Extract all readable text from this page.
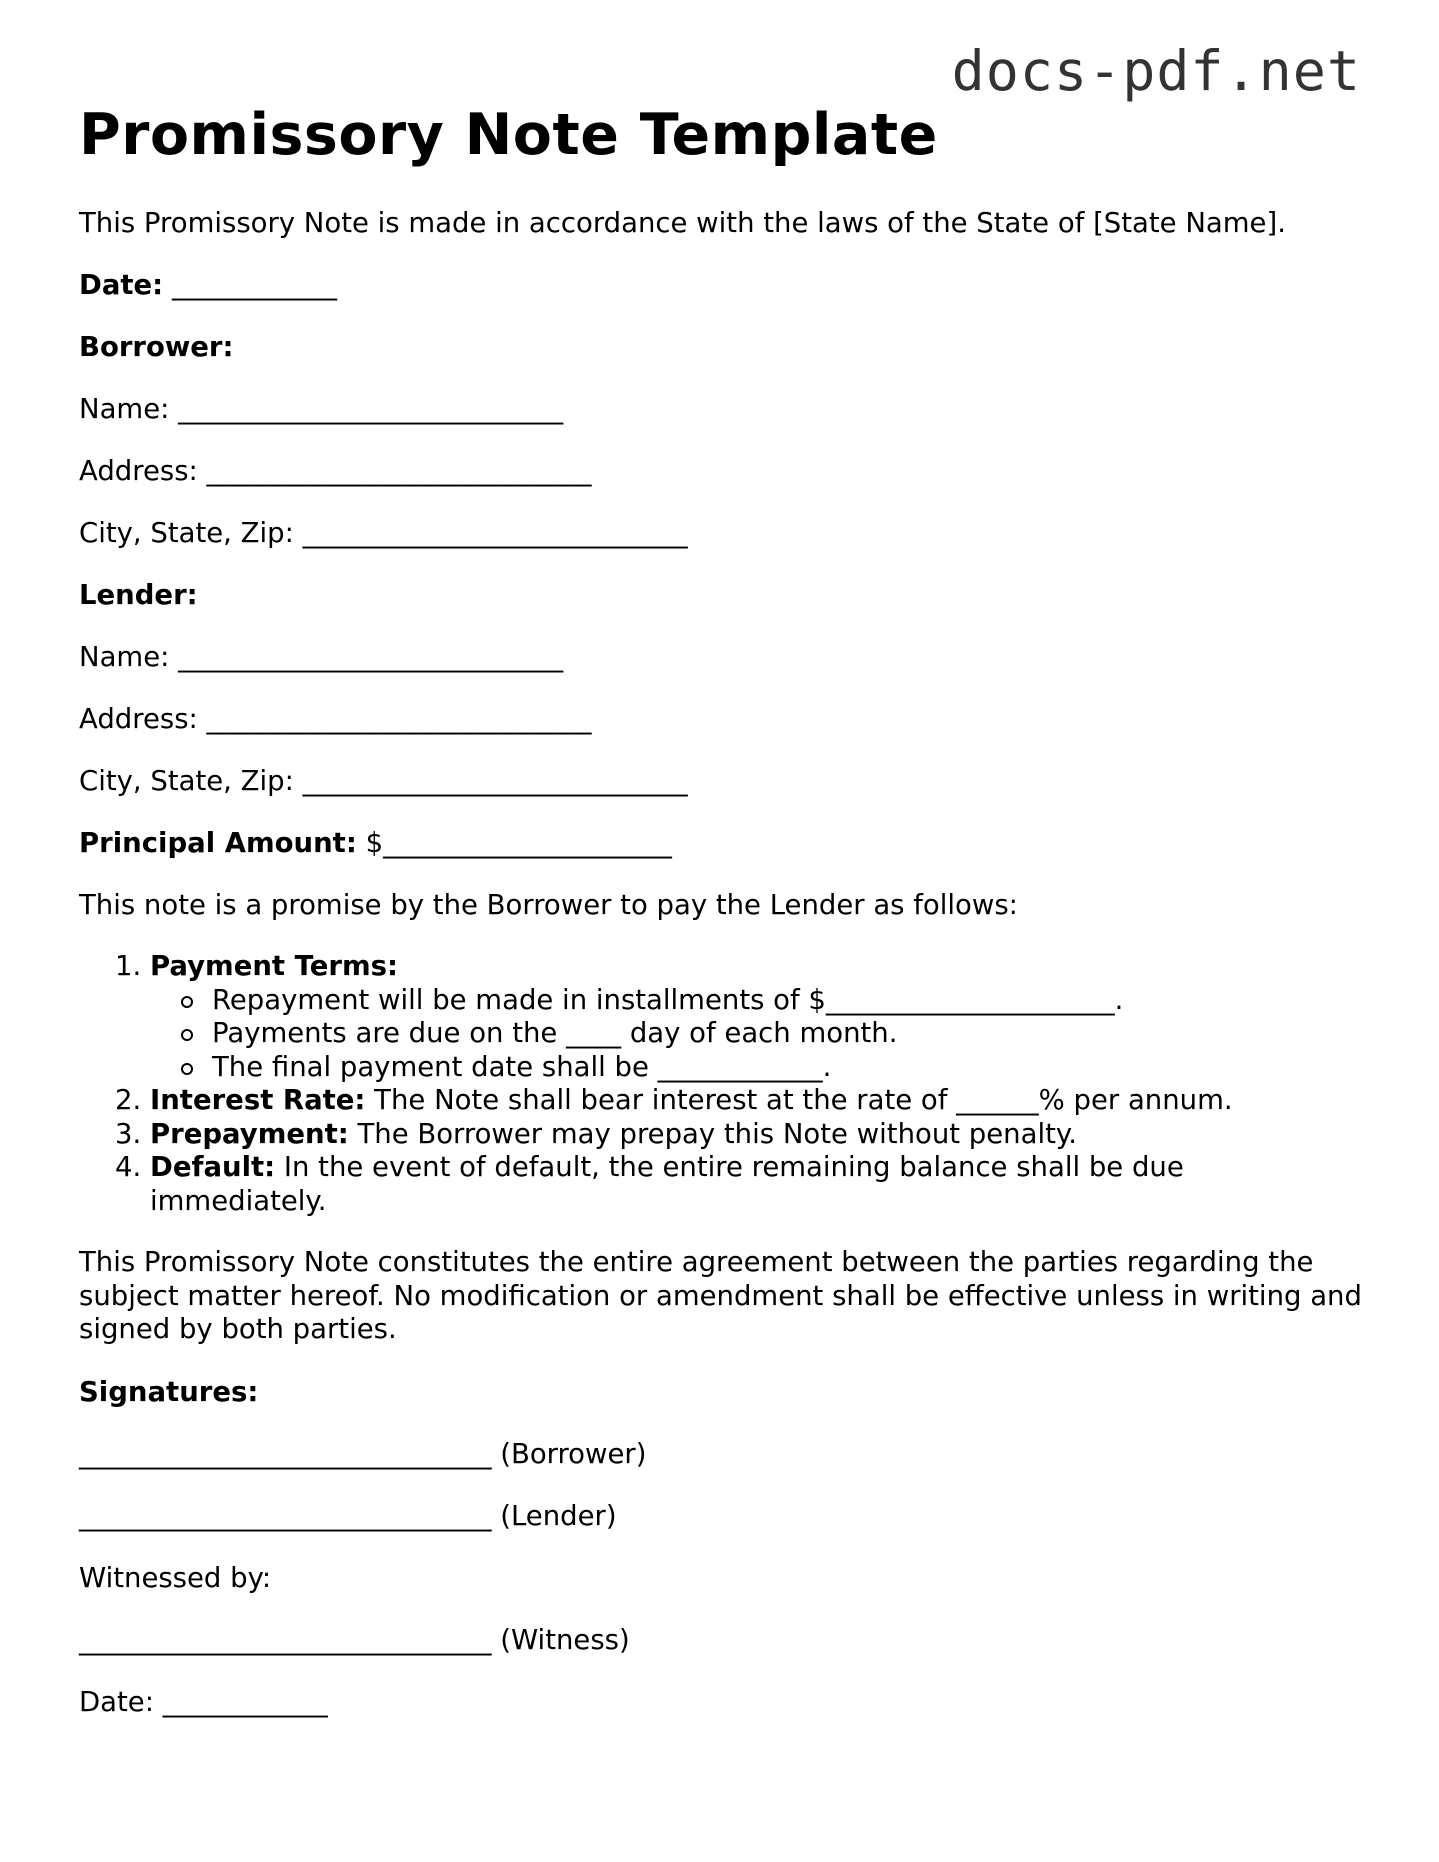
docs-pdf.net
Promissory Note Template

This Promissory Note is made in accordance with the laws of the State of [State Name].

Date: ____________

Borrower:

Name: ____________________________

Address: ____________________________

City, State, Zip: ____________________________

Lender:

Name: ____________________________

Address: ____________________________

City, State, Zip: ____________________________

Principal Amount: $_____________________

This note is a promise by the Borrower to pay the Lender as follows:

1. Payment Terms:
Repayment will be made in installments of $_____________________.
Payments are due on the ____ day of each month.
The final payment date shall be ____________.
2. Interest Rate: The Note shall bear interest at the rate of ______% per annum.
3. Prepayment: The Borrower may prepay this Note without penalty.
4. Default: In the event of default, the entire remaining balance shall be due immediately.

This Promissory Note constitutes the entire agreement between the parties regarding the subject matter hereof. No modification or amendment shall be effective unless in writing and signed by both parties.

Signatures:

______________________________ (Borrower)

______________________________ (Lender)

Witnessed by:

______________________________ (Witness)

Date: ____________
